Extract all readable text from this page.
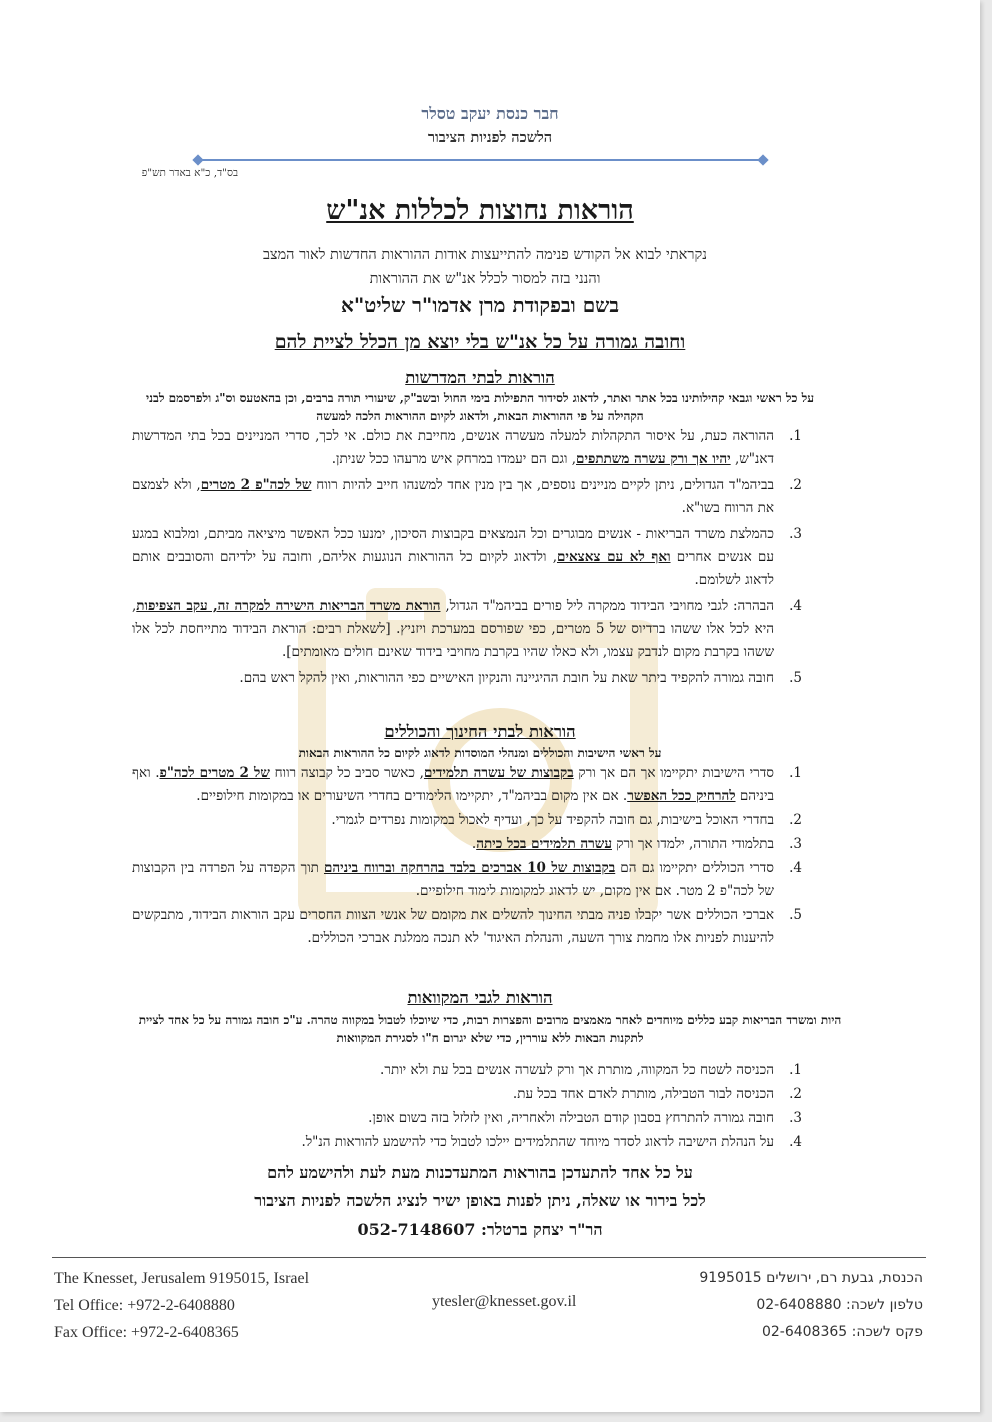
חבר כנסת יעקב טסלר
הלשכה לפניות הציבור
בס"ד, כ"א באדר תש"פ
הוראות נחוצות לכללות אנ"ש
נקראתי לבוא אל הקודש פנימה להתייעצות אודות ההוראות החדשות לאור המצב
והנני בזה למסור לכלל אנ"ש את ההוראות
בשם ובפקודת מרן אדמו"ר שליט"א
וחובה גמורה על כל אנ"ש בלי יוצא מן הכלל לציית להם
הוראות לבתי המדרשות
על כל ראשי וגבאי קהילותינו בכל אתר ואתר, לדאוג לסידור התפילות בימי החול ובשב"ק, שיעורי תורה ברבים, וכן בהאטעס וס"ג ולפרסמם לבני הקהילה על פי ההוראות הבאות, ולדאוג לקיום ההוראות הלכה למעשה
1.
ההוראה כעת, על איסור התקהלות למעלה מעשרה אנשים, מחייבת את כולם. אי לכך, סדרי המניינים בכל בתי המדרשות דאנ"ש, יהיו אך ורק עשרה משתתפים, וגם הם יעמדו במרחק איש מרעהו ככל שניתן.
2.
בביהמ"ד הגדולים, ניתן לקיים מניינים נוספים, אך בין מנין אחד למשנהו חייב להיות רווח של לכה"פ 2 מטרים, ולא לצמצם את הרווח בשו"א.
3.
כהמלצת משרד הבריאות - אנשים מבוגרים וכל הנמצאים בקבוצות הסיכון, ימנעו ככל האפשר מיציאה מביתם, ומלבוא במגע עם אנשים אחרים ואף לא עם צאצאים, ולדאוג לקיום כל ההוראות הנוגעות אליהם, וחובה על ילדיהם והסובבים אותם לדאוג לשלומם.
4.
הבהרה: לגבי מחויבי הבידוד ממקרה ליל פורים בביהמ"ד הגדול, הוראת משרד הבריאות הישירה למקרה זה, עקב הצפיפות, היא לכל אלו ששהו ברדיוס של 5 מטרים, כפי שפורסם במערכת ויזניץ. [לשאלת רבים: הוראת הבידוד מתייחסת לכל אלו ששהו בקרבת מקום לנדבק עצמו, ולא כאלו שהיו בקרבת מחויבי בידוד שאינם חולים מאומתים].
5.
חובה גמורה להקפיד ביתר שאת על חובת ההיגיינה והנקיון האישיים כפי ההוראות, ואין להקל ראש בהם.
הוראות לבתי החינוך והכוללים
על ראשי הישיבות והכוללים ומנהלי המוסדות לדאוג לקיום כל ההוראות הבאות
1.
סדרי הישיבות יתקיימו אך הם אך ורק בקבוצות של עשרה תלמידים, כאשר סביב כל קבוצה רווח של 2 מטרים לכה"פ. ואף ביניהם להרחיק ככל האפשר. אם אין מקום בביהמ"ד, יתקיימו הלימודים בחדרי השיעורים או במקומות חילופיים.
2.
בחדרי האוכל בישיבות, גם חובה להקפיד על כך, ועדיף לאכול במקומות נפרדים לגמרי.
3.
בתלמודי התורה, ילמדו אך ורק עשרה תלמידים בכל כיתה.
4.
סדרי הכוללים יתקיימו גם הם בקבוצות של 10 אברכים בלבד בהרחקה וברווח ביניהם תוך הקפדה על הפרדה בין הקבוצות של לכה"פ 2 מטר. אם אין מקום, יש לדאוג למקומות לימוד חילופיים.
5.
אברכי הכוללים אשר יקבלו פניה מבתי החינוך להשלים את מקומם של אנשי הצוות החסרים עקב הוראות הבידוד, מתבקשים להיענות לפניות אלו מחמת צורך השעה, והנהלת האיגוד' לא תנכה ממלגת אברכי הכוללים.
הוראות לגבי המקוואות
היות ומשרד הבריאות קבע כללים מיוחדים לאחר מאמצים מרובים והפצרות רבות, כדי שיוכלו לטבול במקווה טהרה. ע"כ חובה גמורה על כל אחד לציית לתקנות הבאות ללא עוררין, כדי שלא יגרום ח"ו לסגירת המקוואות
1.
הכניסה לשטח כל המקווה, מותרת אך ורק לעשרה אנשים בכל עת ולא יותר.
2.
הכניסה לבור הטבילה, מותרת לאדם אחד בכל עת.
3.
חובה גמורה להתרחץ בסבון קודם הטבילה ולאחריה, ואין לזלזל בזה בשום אופן.
4.
על הנהלת הישיבה לדאוג לסדר מיוחד שהתלמידים יילכו לטבול כדי להישמע להוראות הנ"ל.
על כל אחד להתעדכן בהוראות המתעדכנות מעת לעת ולהישמע להם
לכל בירור או שאלה, ניתן לפנות באופן ישיר לנציג הלשכה לפניות הציבור
הר"ר יצחק ברטלר: 052-7148607
The Knesset, Jerusalem 9195015, Israel
Tel Office: +972-2-6408880
Fax Office: +972-2-6408365
ytesler@knesset.gov.il
הכנסת, גבעת רם, ירושלים 9195015
טלפון לשכה: 02-6408880
פקס לשכה: 02-6408365
